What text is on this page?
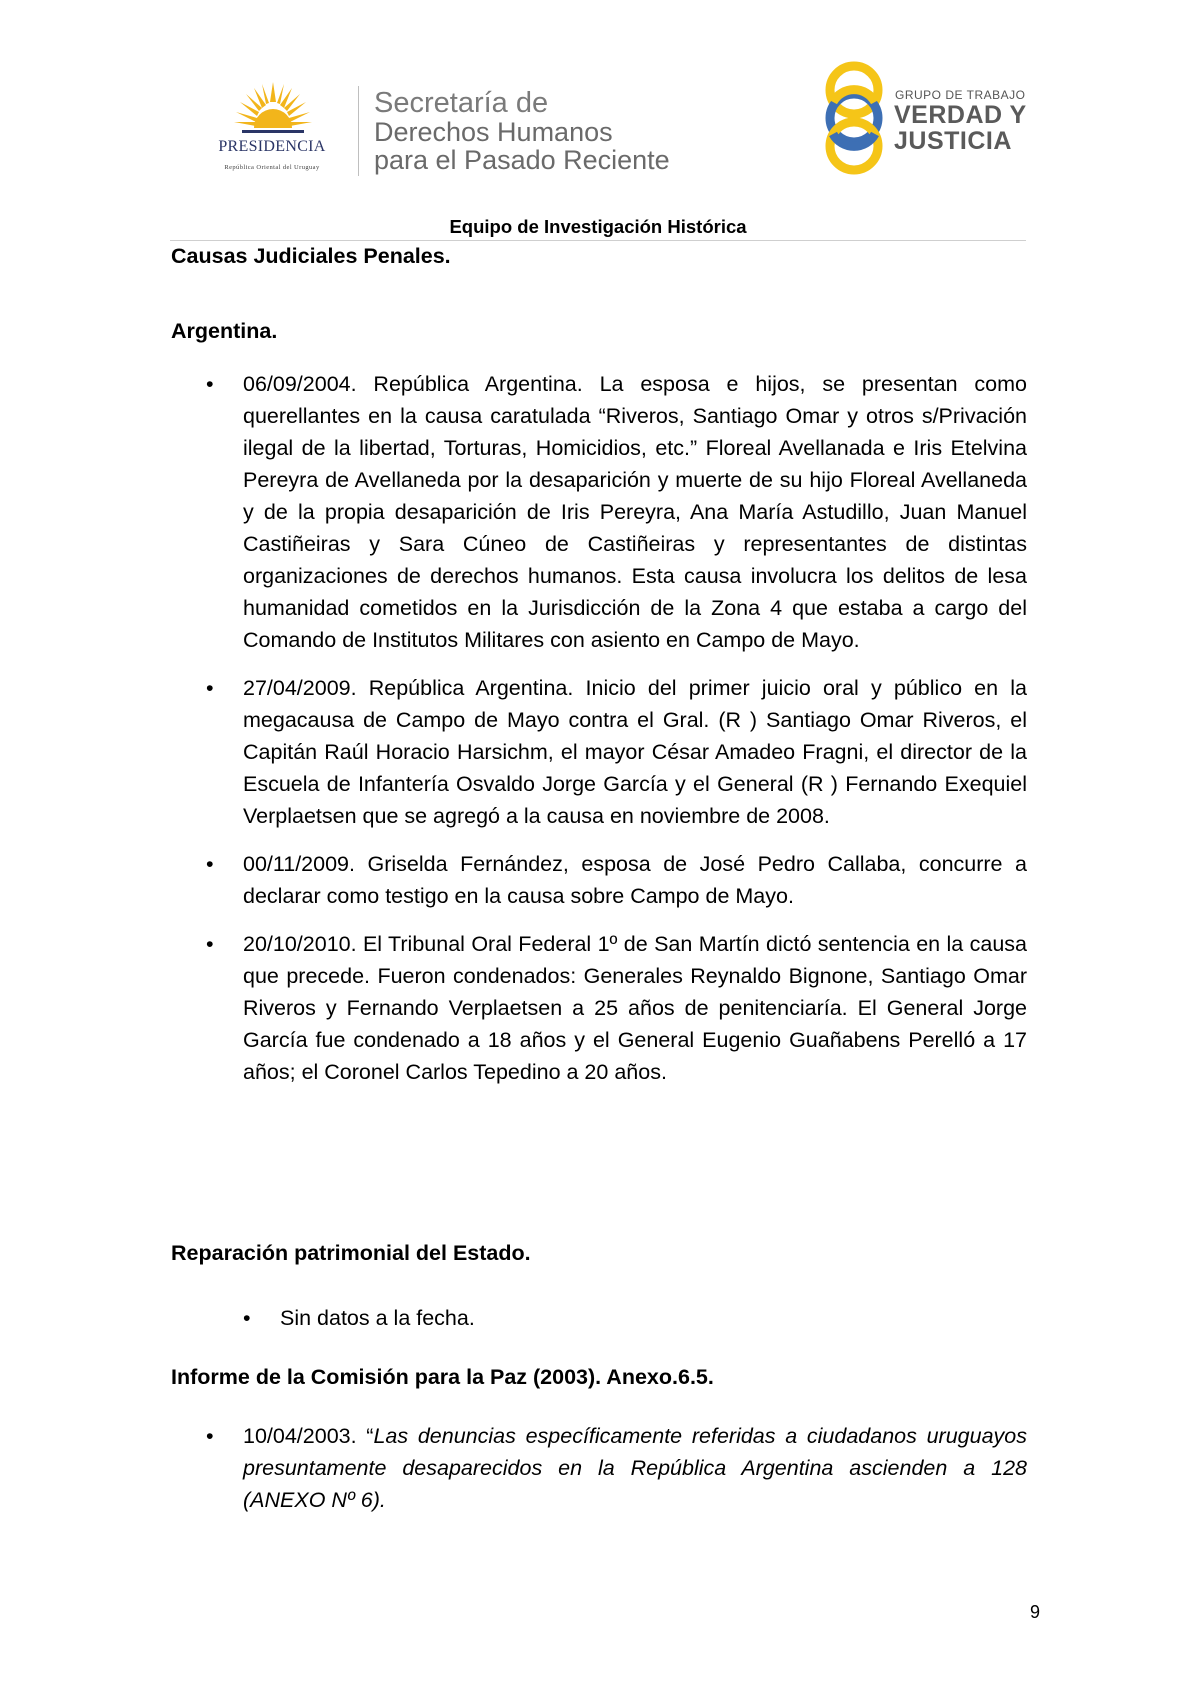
PRESIDENCIA
República Oriental del Uruguay
Secretaría de
Derechos Humanos
para el Pasado Reciente
GRUPO DE TRABAJO
VERDAD Y
JUSTICIA
Equipo de Investigación Histórica
Causas Judiciales Penales.
Argentina.
• 06/09/2004. República Argentina. La esposa e hijos, se presentan como querellantes en la causa caratulada “Riveros, Santiago Omar y otros s/Privación ilegal de la libertad, Torturas, Homicidios, etc.” Floreal Avellanada e Iris Etelvina Pereyra de Avellaneda por la desaparición y muerte de su hijo Floreal Avellaneda y de la propia desaparición de Iris Pereyra, Ana María Astudillo, Juan Manuel Castiñeiras y Sara Cúneo de Castiñeiras y representantes de distintas organizaciones de derechos humanos. Esta causa involucra los delitos de lesa humanidad cometidos en la Jurisdicción de la Zona 4 que estaba a cargo del Comando de Institutos Militares con asiento en Campo de Mayo.
• 27/04/2009. República Argentina. Inicio del primer juicio oral y público en la megacausa de Campo de Mayo contra el Gral. (R ) Santiago Omar Riveros, el Capitán Raúl Horacio Harsichm, el mayor César Amadeo Fragni, el director de la Escuela de Infantería Osvaldo Jorge García y el General (R ) Fernando Exequiel Verplaetsen que se agregó a la causa en noviembre de 2008.
• 00/11/2009. Griselda Fernández, esposa de José Pedro Callaba, concurre a declarar como testigo en la causa sobre Campo de Mayo.
• 20/10/2010. El Tribunal Oral Federal 1º de San Martín dictó sentencia en la causa que precede. Fueron condenados: Generales Reynaldo Bignone, Santiago Omar Riveros y Fernando Verplaetsen a 25 años de penitenciaría. El General Jorge García fue condenado a 18 años y el General Eugenio Guañabens Perelló a 17 años; el Coronel Carlos Tepedino a 20 años.
Reparación patrimonial del Estado.
• Sin datos a la fecha.
Informe de la Comisión para la Paz (2003). Anexo.6.5.
• 10/04/2003. “Las denuncias específicamente referidas a ciudadanos uruguayos presuntamente desaparecidos en la República Argentina ascienden a 128 (ANEXO Nº 6).
9
